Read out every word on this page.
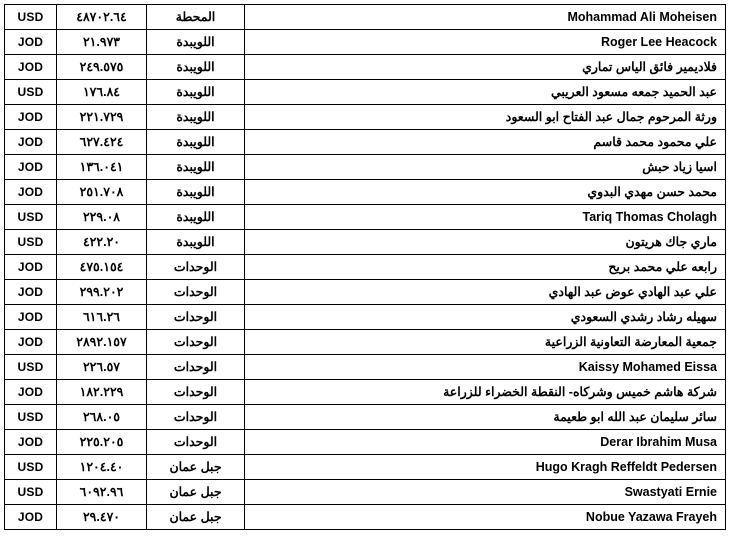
USD	٤٨٧٠٢.٦٤	المحطة	Mohammad Ali Moheisen
JOD	٢١.٩٧٣	اللويبدة	Roger Lee Heacock
JOD	٢٤٩.٥٧٥	اللويبدة	فلاديمير فائق الياس تماري
USD	١٧٦.٨٤	اللويبدة	عبد الحميد جمعه مسعود العريبي
JOD	٢٢١.٧٢٩	اللويبدة	ورثة المرحوم جمال عبد الفتاح ابو السعود
JOD	٦٢٧.٤٢٤	اللويبدة	علي محمود محمد قاسم
JOD	١٣٦.٠٤١	اللويبدة	اسيا زياد حبش
JOD	٢٥١.٧٠٨	اللويبدة	محمد حسن مهدي البدوي
USD	٢٢٩.٠٨	اللويبدة	Tariq Thomas Cholagh
USD	٤٢٢.٢٠	اللويبدة	ماري جاك هريتون
JOD	٤٧٥.١٥٤	الوحدات	رابعه علي محمد بريح
JOD	٢٩٩.٢٠٢	الوحدات	علي عبد الهادي عوض عبد الهادي
JOD	٦١٦.٢٦	الوحدات	سهيله رشاد رشدي السعودي
JOD	٢٨٩٢.١٥٧	الوحدات	جمعية المعارضة التعاونية الزراعية
USD	٢٢٦.٥٧	الوحدات	Kaissy Mohamed Eissa
JOD	١٨٢.٢٢٩	الوحدات	شركة هاشم خميس وشركاه- النقطة الخضراء للزراعة
USD	٢٦٨.٠٥	الوحدات	سائر سليمان عبد الله ابو طعيمة
JOD	٢٢٥.٢٠٥	الوحدات	Derar Ibrahim Musa
USD	١٢٠٤.٤٠	جبل عمان	Hugo Kragh Reffeldt Pedersen
USD	٦٠٩٢.٩٦	جبل عمان	Swastyati Ernie
JOD	٢٩.٤٧٠	جبل عمان	Nobue Yazawa Frayeh
